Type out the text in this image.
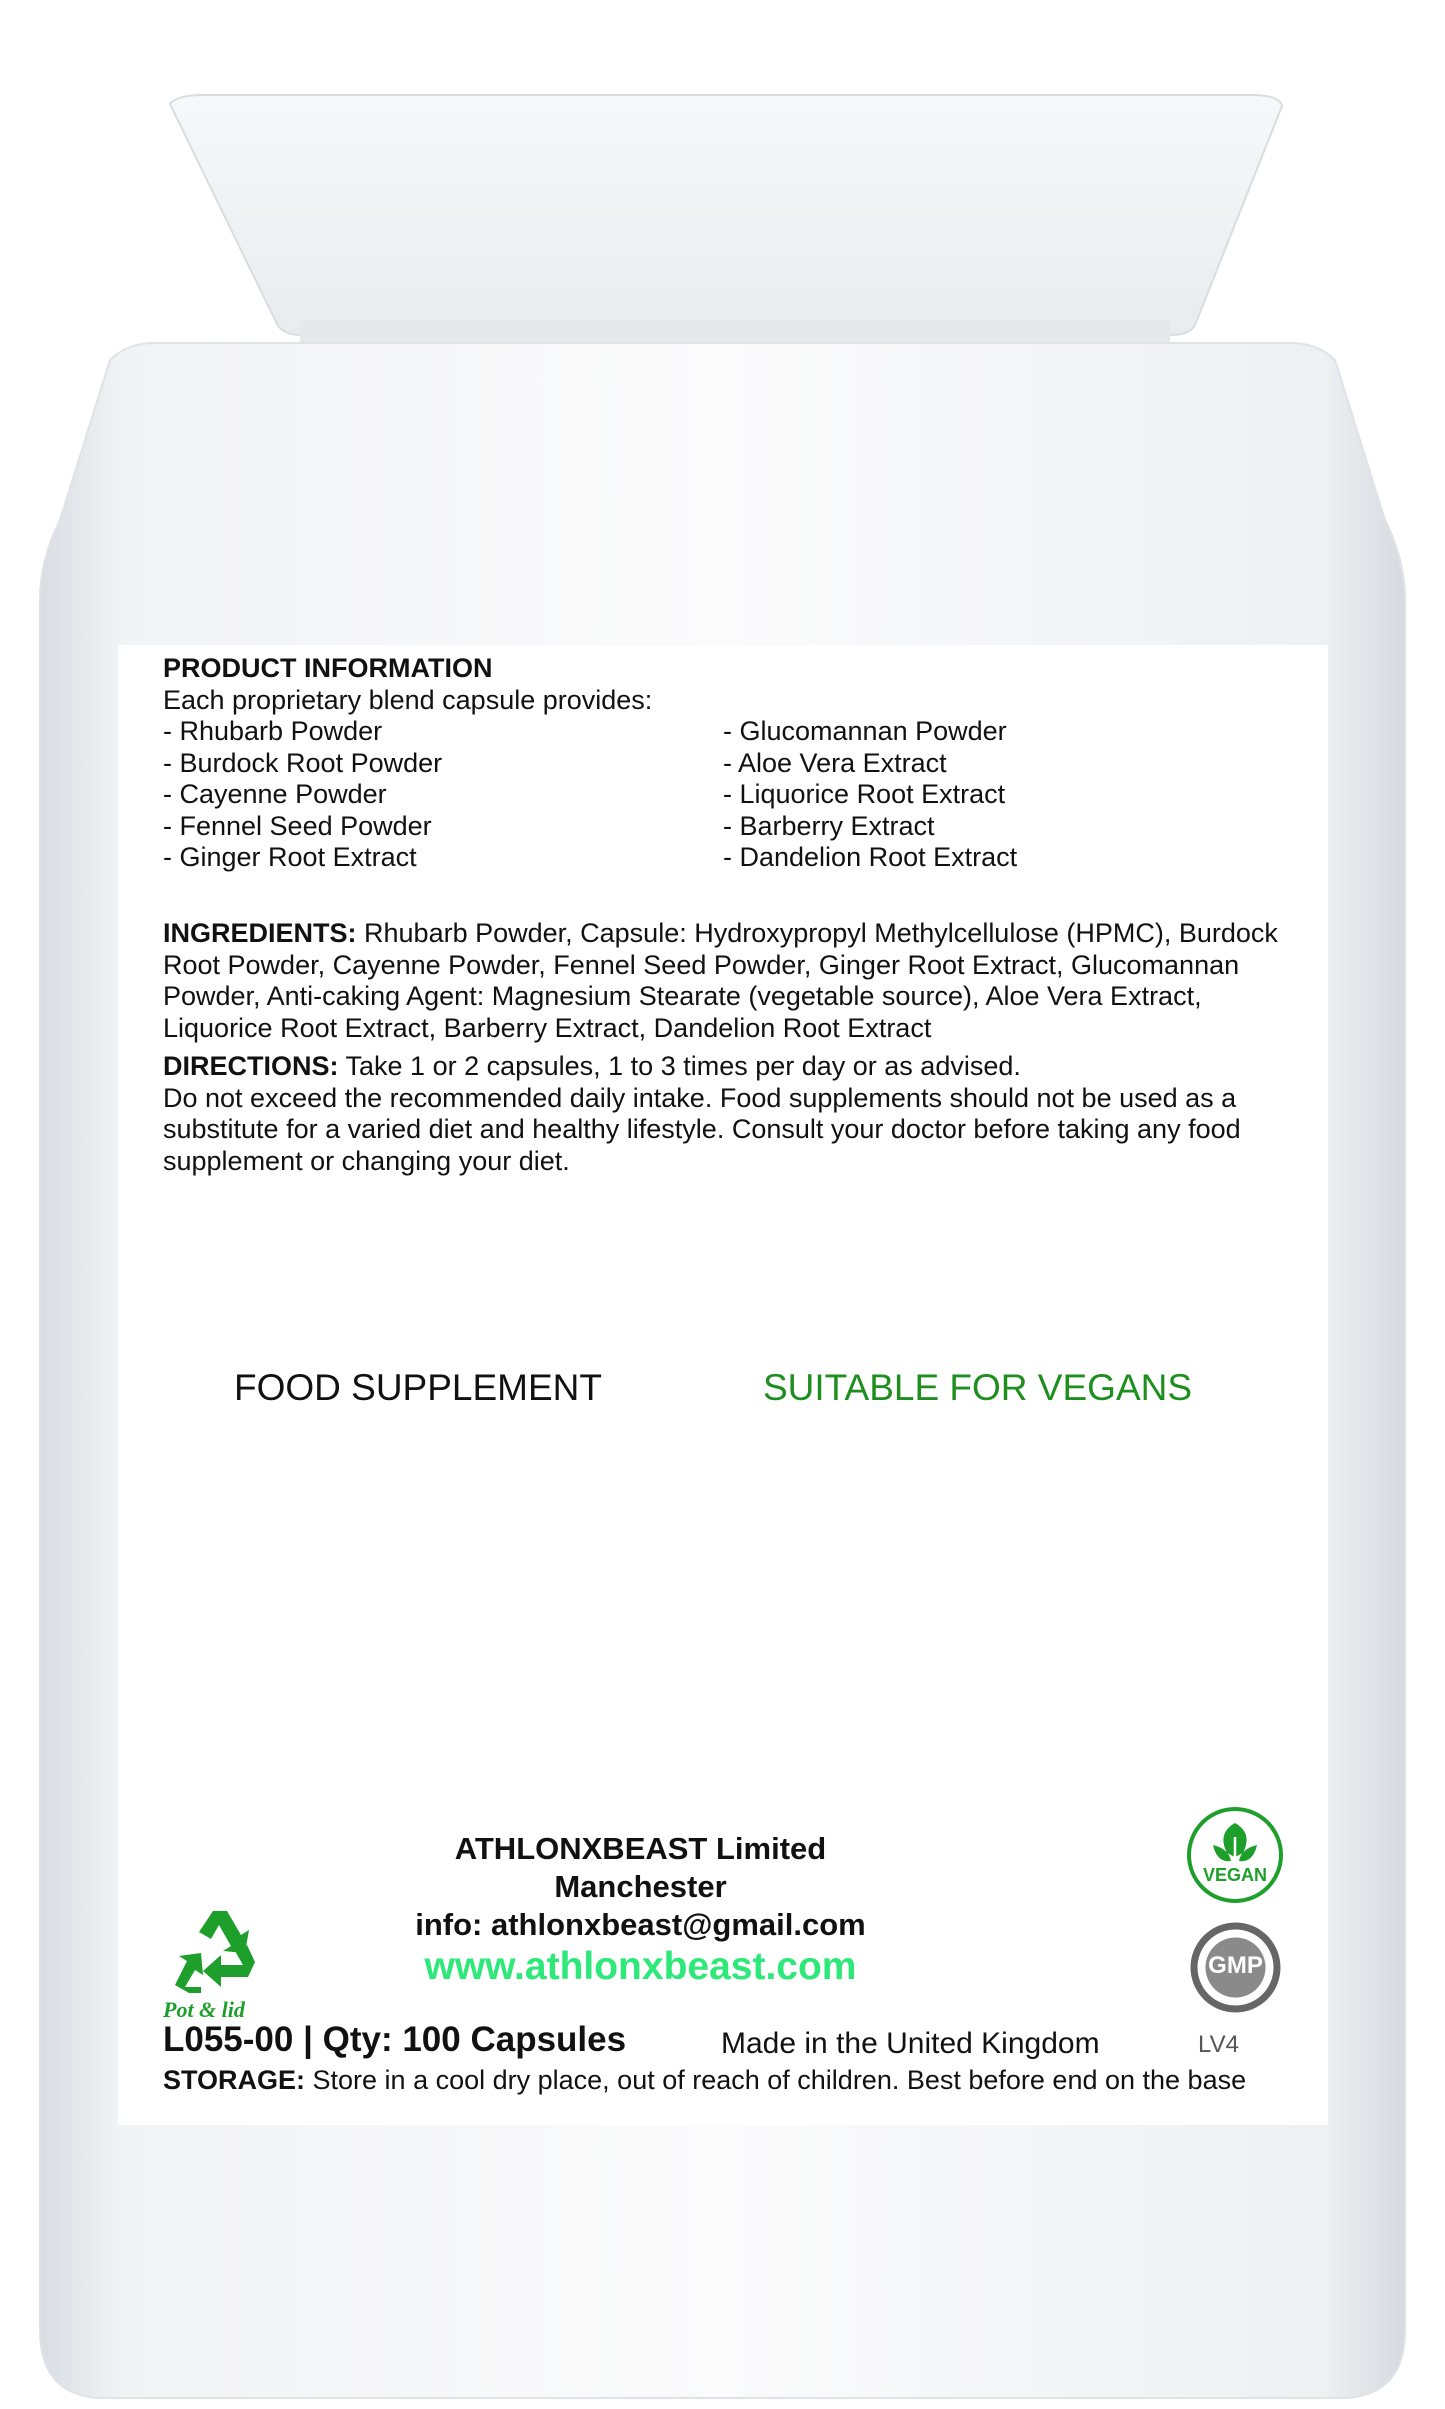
PRODUCT INFORMATION
Each proprietary blend capsule provides:
- Rhubarb Powder
- Burdock Root Powder
- Cayenne Powder
- Fennel Seed Powder
- Ginger Root Extract
- Glucomannan Powder
- Aloe Vera Extract
- Liquorice Root Extract
- Barberry Extract
- Dandelion Root Extract
INGREDIENTS: Rhubarb Powder, Capsule: Hydroxypropyl Methylcellulose (HPMC), Burdock Root Powder, Cayenne Powder, Fennel Seed Powder, Ginger Root Extract, Glucomannan Powder, Anti-caking Agent: Magnesium Stearate (vegetable source), Aloe Vera Extract, Liquorice Root Extract, Barberry Extract, Dandelion Root Extract
DIRECTIONS: Take 1 or 2 capsules, 1 to 3 times per day or as advised.
Do not exceed the recommended daily intake. Food supplements should not be used as a substitute for a varied diet and healthy lifestyle. Consult your doctor before taking any food supplement or changing your diet.
FOOD SUPPLEMENT	SUITABLE FOR VEGANS
ATHLONXBEAST Limited
Manchester
info: athlonxbeast@gmail.com
www.athlonxbeast.com
Pot & lid
VEGAN
GMP
L055-00 | Qty: 100 Capsules	Made in the United Kingdom	LV4
STORAGE: Store in a cool dry place, out of reach of children. Best before end on the base
